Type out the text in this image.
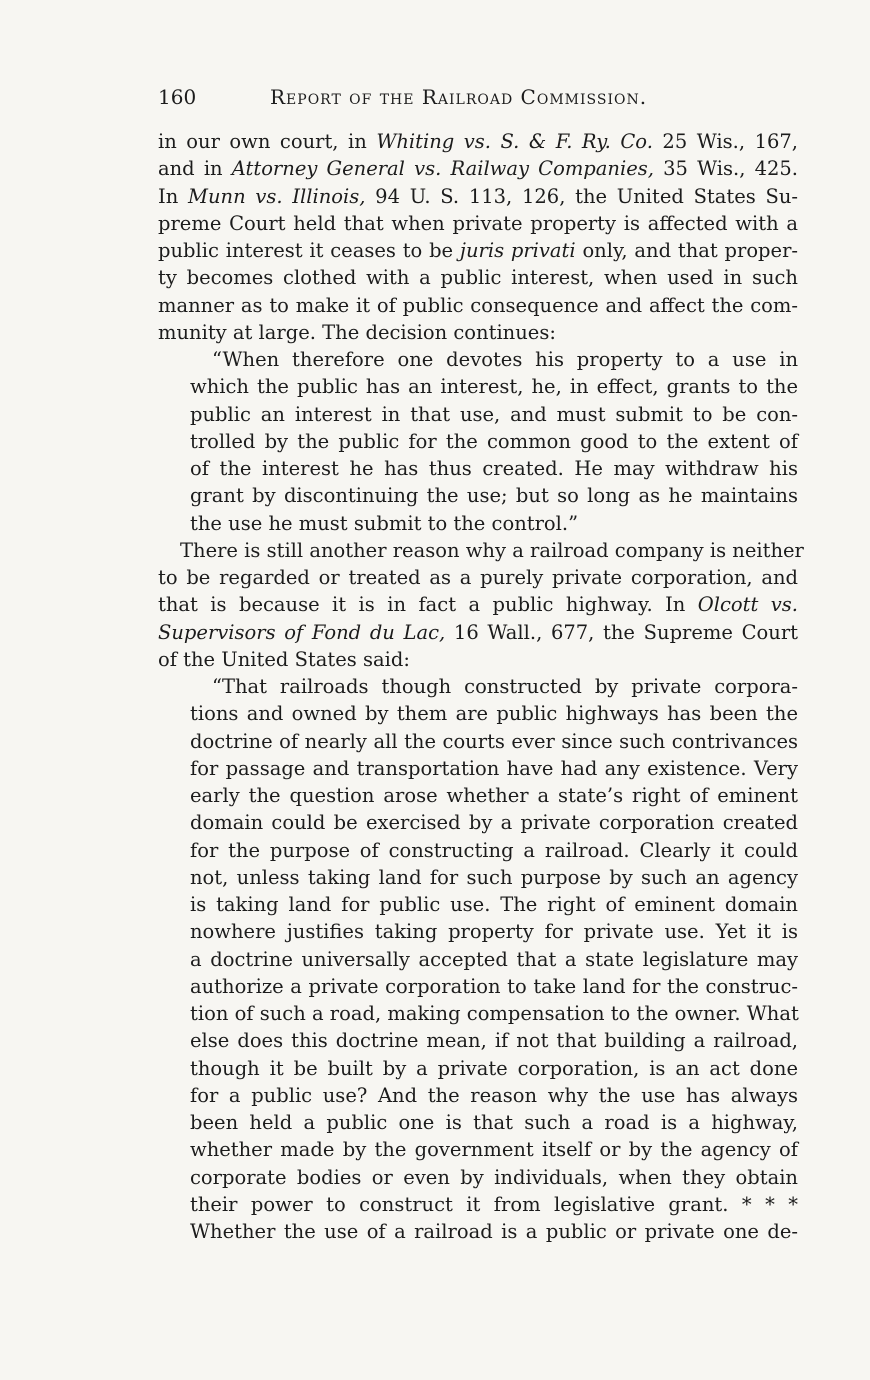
160	Report of the Railroad Commission.
in our own court, in Whiting vs. S. & F. Ry. Co. 25 Wis., 167,
and in Attorney General vs. Railway Companies, 35 Wis., 425.
In Munn vs. Illinois, 94 U. S. 113, 126, the United States Su-
preme Court held that when private property is affected with a
public interest it ceases to be juris privati only, and that proper-
ty becomes clothed with a public interest, when used in such
manner as to make it of public consequence and affect the com-
munity at large. The decision continues:
“When therefore one devotes his property to a use in
which the public has an interest, he, in effect, grants to the
public an interest in that use, and must submit to be con-
trolled by the public for the common good to the extent of
of the interest he has thus created. He may withdraw his
grant by discontinuing the use; but so long as he maintains
the use he must submit to the control.”
There is still another reason why a railroad company is neither
to be regarded or treated as a purely private corporation, and
that is because it is in fact a public highway. In Olcott vs.
Supervisors of Fond du Lac, 16 Wall., 677, the Supreme Court
of the United States said:
“That railroads though constructed by private corpora-
tions and owned by them are public highways has been the
doctrine of nearly all the courts ever since such contrivances
for passage and transportation have had any existence. Very
early the question arose whether a state’s right of eminent
domain could be exercised by a private corporation created
for the purpose of constructing a railroad. Clearly it could
not, unless taking land for such purpose by such an agency
is taking land for public use. The right of eminent domain
nowhere justifies taking property for private use. Yet it is
a doctrine universally accepted that a state legislature may
authorize a private corporation to take land for the construc-
tion of such a road, making compensation to the owner. What
else does this doctrine mean, if not that building a railroad,
though it be built by a private corporation, is an act done
for a public use? And the reason why the use has always
been held a public one is that such a road is a highway,
whether made by the government itself or by the agency of
corporate bodies or even by individuals, when they obtain
their power to construct it from legislative grant. * * *
Whether the use of a railroad is a public or private one de-
